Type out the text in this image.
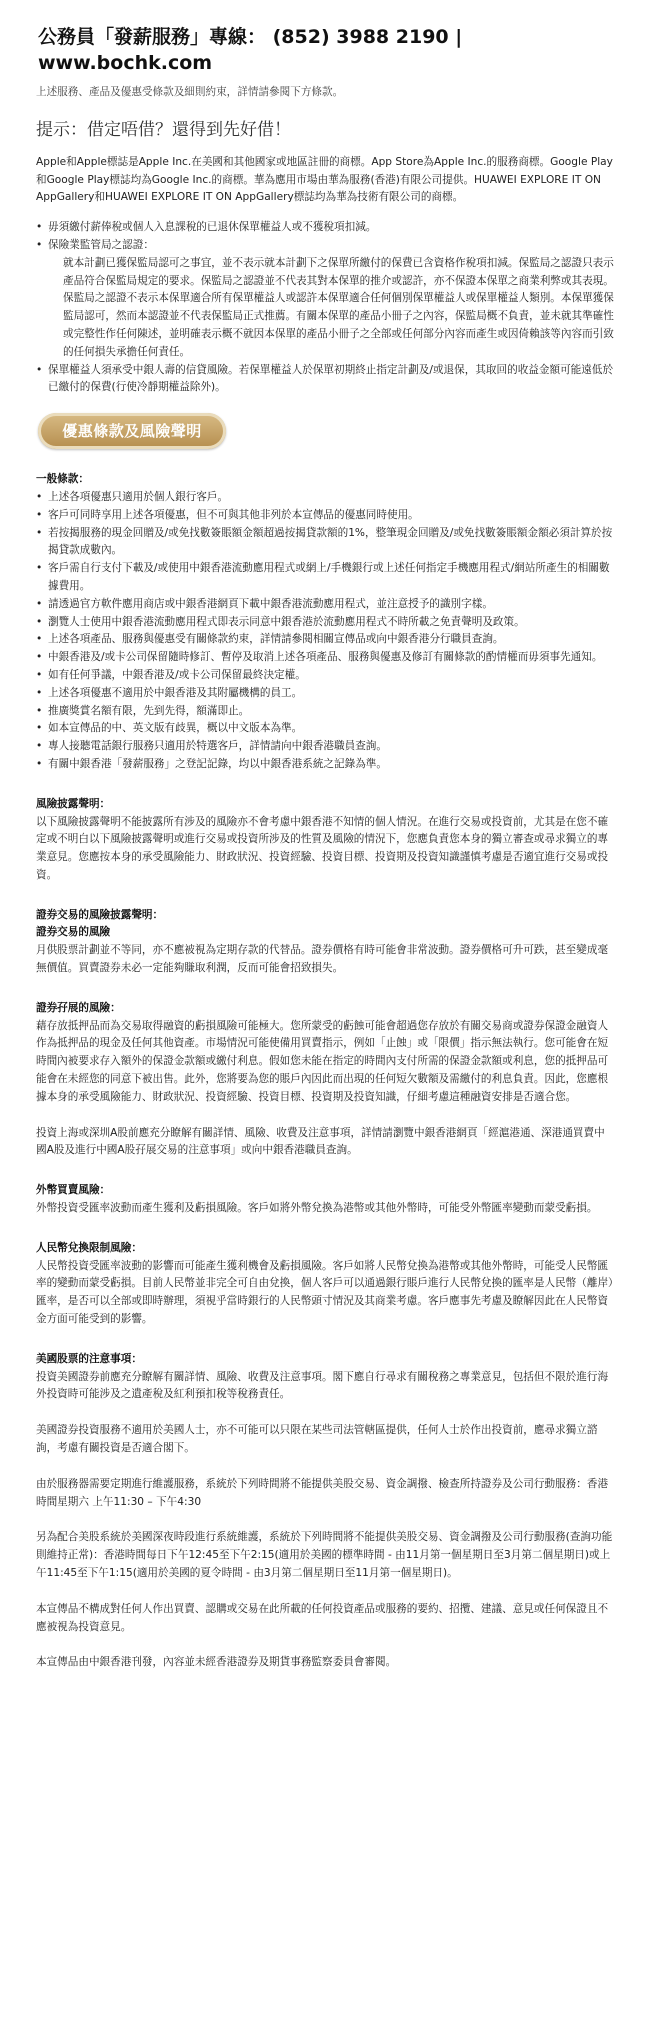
公務員「發薪服務」專線： (852) 3988 2190 | www.bochk.com
上述服務、產品及優惠受條款及細則約束，詳情請參閱下方條款。
提示：借定唔借？還得到先好借！
Apple和Apple標誌是Apple Inc.在美國和其他國家或地區註冊的商標。App Store為Apple Inc.的服務商標。Google Play和Google Play標誌均為Google Inc.的商標。華為應用市場由華為服務(香港)有限公司提供。HUAWEI EXPLORE IT ON AppGallery和HUAWEI EXPLORE IT ON AppGallery標誌均為華為技術有限公司的商標。
• 毋須繳付薪俸稅或個人入息課稅的已退休保單權益人或不獲稅項扣減。
• 保險業監管局之認證：
就本計劃已獲保監局認可之事宜，並不表示就本計劃下之保單所繳付的保費已含資格作稅項扣減。保監局之認證只表示產品符合保監局規定的要求。保監局之認證並不代表其對本保單的推介或認許，亦不保證本保單之商業利弊或其表現。保監局之認證不表示本保單適合所有保單權益人或認許本保單適合任何個別保單權益人或保單權益人類別。本保單獲保監局認可，然而本認證並不代表保監局正式推薦。有關本保單的產品小冊子之內容，保監局概不負責，並未就其準確性或完整性作任何陳述，並明確表示概不就因本保單的產品小冊子之全部或任何部分內容而產生或因倚賴該等內容而引致的任何損失承擔任何責任。
• 保單權益人須承受中銀人壽的信貸風險。若保單權益人於保單初期終止指定計劃及/或退保，其取回的收益金額可能遠低於 已繳付的保費(行使冷靜期權益除外)。
優惠條款及風險聲明
一般條款：
• 上述各項優惠只適用於個人銀行客戶。
• 客戶可同時享用上述各項優惠，但不可與其他非列於本宣傳品的優惠同時使用。
• 若按揭服務的現金回贈及/或免找數簽賬額金額超過按揭貸款額的1%，整筆現金回贈及/或免找數簽賬額金額必須計算於按揭貸款成數內。
• 客戶需自行支付下載及/或使用中銀香港流動應用程式或網上/手機銀行或上述任何指定手機應用程式/網站所產生的相關數據費用。
• 請透過官方軟件應用商店或中銀香港網頁下載中銀香港流動應用程式，並注意授予的識別字樣。
• 瀏覽人士使用中銀香港流動應用程式即表示同意中銀香港於流動應用程式不時所載之免責聲明及政策。
• 上述各項產品、服務與優惠受有關條款約束，詳情請參閱相關宣傳品或向中銀香港分行職員查詢。
• 中銀香港及/或卡公司保留隨時修訂、暫停及取消上述各項產品、服務與優惠及修訂有關條款的酌情權而毋須事先通知。
• 如有任何爭議，中銀香港及/或卡公司保留最終決定權。
• 上述各項優惠不適用於中銀香港及其附屬機構的員工。
• 推廣獎賞名額有限，先到先得，額滿即止。
• 如本宣傳品的中、英文版有歧異，概以中文版本為準。
• 專人接聽電話銀行服務只適用於特選客戶，詳情請向中銀香港職員查詢。
• 有關中銀香港「發薪服務」之登記記錄，均以中銀香港系統之記錄為準。
風險披露聲明：
以下風險披露聲明不能披露所有涉及的風險亦不會考慮中銀香港不知情的個人情況。在進行交易或投資前，尤其是在您不確定或不明白以下風險披露聲明或進行交易或投資所涉及的性質及風險的情況下，您應負責您本身的獨立審查或尋求獨立的專業意見。您應按本身的承受風險能力、財政狀況、投資經驗、投資目標、投資期及投資知識謹慎考慮是否適宜進行交易或投資。
證券交易的風險披露聲明：
證券交易的風險
月供股票計劃並不等同，亦不應被視為定期存款的代替品。證券價格有時可能會非常波動。證券價格可升可跌，甚至變成毫無價值。買賣證券未必一定能夠賺取利潤，反而可能會招致損失。
證券孖展的風險：
藉存放抵押品而為交易取得融資的虧損風險可能極大。您所蒙受的虧蝕可能會超過您存放於有關交易商或證券保證金融資人作為抵押品的現金及任何其他資產。市場情況可能使備用買賣指示，例如「止蝕」或「限價」指示無法執行。您可能會在短時間內被要求存入額外的保證金款額或繳付利息。假如您未能在指定的時間內支付所需的保證金款額或利息，您的抵押品可能會在未經您的同意下被出售。此外，您將要為您的賬戶內因此而出現的任何短欠數額及需繳付的利息負責。因此，您應根據本身的承受風險能力、財政狀況、投資經驗、投資目標、投資期及投資知識，仔細考慮這種融資安排是否適合您。
投資上海或深圳A股前應充分瞭解有關詳情、風險、收費及注意事項，詳情請瀏覽中銀香港網頁「經滬港通、深港通買賣中國A股及進行中國A股孖展交易的注意事項」或向中銀香港職員查詢。
外幣買賣風險：
外幣投資受匯率波動而產生獲利及虧損風險。客戶如將外幣兌換為港幣或其他外幣時，可能受外幣匯率變動而蒙受虧損。
人民幣兌換限制風險：
人民幣投資受匯率波動的影響而可能產生獲利機會及虧損風險。客戶如將人民幣兌換為港幣或其他外幣時，可能受人民幣匯率的變動而蒙受虧損。目前人民幣並非完全可自由兌換，個人客戶可以通過銀行賬戶進行人民幣兌換的匯率是人民幣（離岸）匯率，是否可以全部或即時辦理，須視乎當時銀行的人民幣頭寸情況及其商業考慮。客戶應事先考慮及瞭解因此在人民幣資金方面可能受到的影響。
美國股票的注意事項：
投資美國證券前應充分瞭解有關詳情、風險、收費及注意事項。閣下應自行尋求有關稅務之專業意見，包括但不限於進行海外投資時可能涉及之遺產稅及紅利預扣稅等稅務責任。
美國證券投資服務不適用於美國人士，亦不可能可以只限在某些司法管轄區提供，任何人士於作出投資前，應尋求獨立諮詢，考慮有關投資是否適合閣下。
由於服務器需要定期進行維護服務，系統於下列時間將不能提供美股交易、資金調撥、檢查所持證券及公司行動服務：香港時間星期六 上午11:30 – 下午4:30
另為配合美股系統於美國深夜時段進行系統維護，系統於下列時間將不能提供美股交易、資金調撥及公司行動服務(查詢功能則維持正常)：香港時間每日下午12:45至下午2:15(適用於美國的標準時間 - 由11月第一個星期日至3月第二個星期日)或上午11:45至下午1:15(適用於美國的夏令時間 - 由3月第二個星期日至11月第一個星期日)。
本宣傳品不構成對任何人作出買賣、認購或交易在此所載的任何投資產品或服務的要約、招攬、建議、意見或任何保證且不應被視為投資意見。
本宣傳品由中銀香港刊發，內容並未經香港證券及期貨事務監察委員會審閱。
